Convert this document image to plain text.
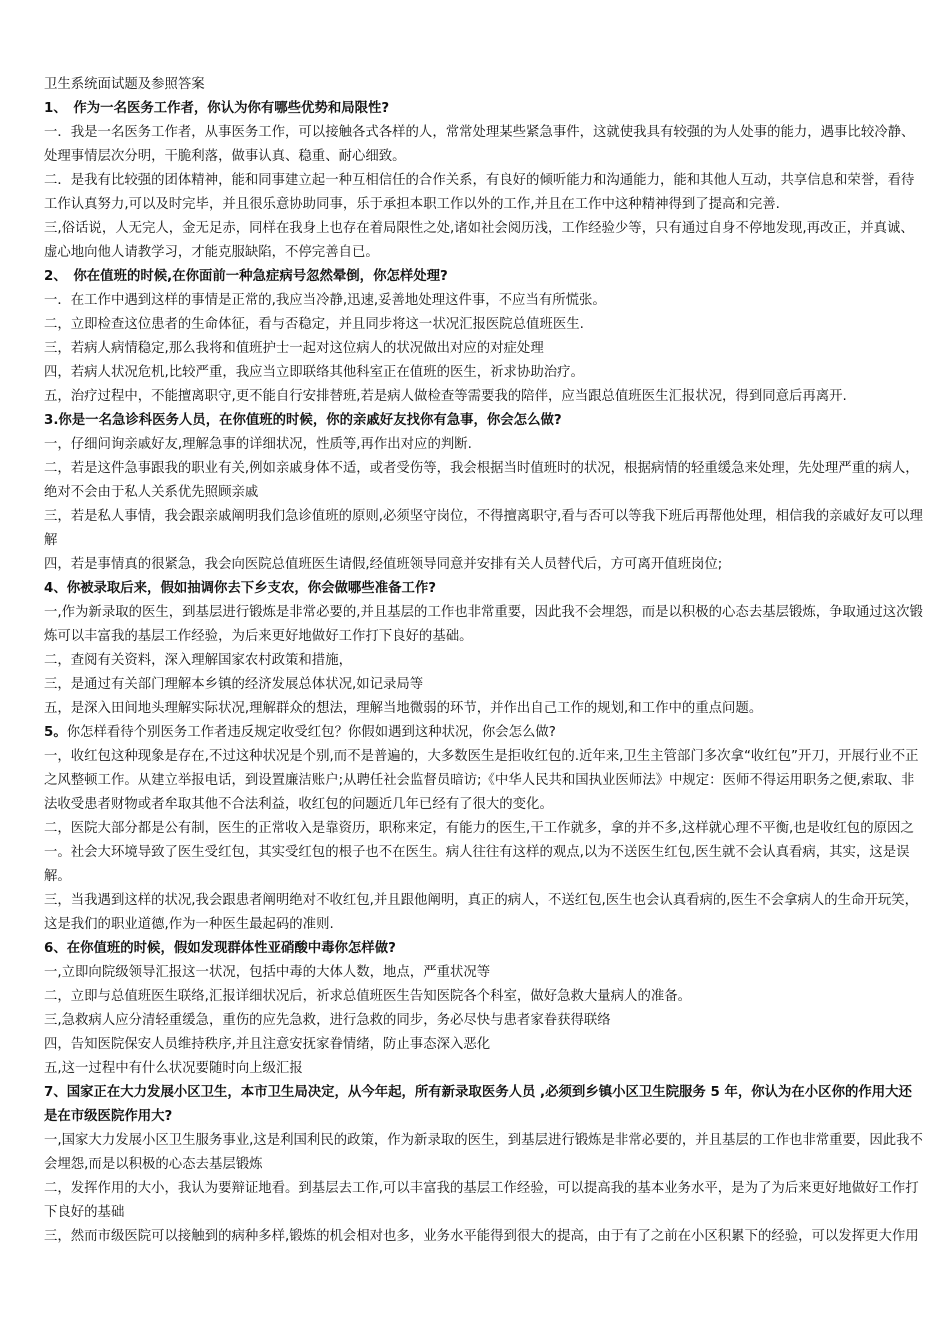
卫生系统面试题及参照答案

1、　作为一名医务工作者，你认为你有哪些优势和局限性?

一．我是一名医务工作者，从事医务工作，可以接触各式各样的人，常常处理某些紧急事件，这就使我具有较强的为人处事的能力，遇事比较冷静、处理事情层次分明，干脆利落，做事认真、稳重、耐心细致。

二．是我有比较强的团体精神，能和同事建立起一种互相信任的合作关系，有良好的倾听能力和沟通能力，能和其他人互动，共享信息和荣誉，看待工作认真努力,可以及时完毕，并且很乐意协助同事，乐于承担本职工作以外的工作,并且在工作中这种精神得到了提高和完善.

三,俗话说，人无完人，金无足赤，同样在我身上也存在着局限性之处,诸如社会阅历浅，工作经验少等，只有通过自身不停地发现,再改正，并真诚、虚心地向他人请教学习，才能克服缺陷，不停完善自已。

2、　你在值班的时候,在你面前一种急症病号忽然晕倒，你怎样处理?

一．在工作中遇到这样的事情是正常的,我应当冷静,迅速,妥善地处理这件事，不应当有所慌张。

二，立即检查这位患者的生命体征，看与否稳定，并且同步将这一状况汇报医院总值班医生.

三，若病人病情稳定,那么我将和值班护士一起对这位病人的状况做出对应的对症处理

四，若病人状况危机,比较严重，我应当立即联络其他科室正在值班的医生，祈求协助治疗。

五，治疗过程中，不能擅离职守,更不能自行安排替班,若是病人做检查等需要我的陪伴，应当跟总值班医生汇报状况，得到同意后再离开.

3.你是一名急诊科医务人员，在你值班的时候，你的亲戚好友找你有急事，你会怎么做?

一，仔细问询亲戚好友,理解急事的详细状况，性质等,再作出对应的判断.

二，若是这件急事跟我的职业有关,例如亲戚身体不适，或者受伤等，我会根据当时值班时的状况，根据病情的轻重缓急来处理，先处理严重的病人，绝对不会由于私人关系优先照顾亲戚

三，若是私人事情，我会跟亲戚阐明我们急诊值班的原则,必须坚守岗位，不得擅离职守,看与否可以等我下班后再帮他处理，相信我的亲戚好友可以理解

四，若是事情真的很紧急，我会向医院总值班医生请假,经值班领导同意并安排有关人员替代后，方可离开值班岗位;

4、你被录取后来，假如抽调你去下乡支农，你会做哪些准备工作?

一,作为新录取的医生，到基层进行锻炼是非常必要的,并且基层的工作也非常重要，因此我不会埋怨，而是以积极的心态去基层锻炼，争取通过这次锻炼可以丰富我的基层工作经验，为后来更好地做好工作打下良好的基础。

二，查阅有关资料，深入理解国家农村政策和措施，

三，是通过有关部门理解本乡镇的经济发展总体状况,如记录局等

五，是深入田间地头理解实际状况,理解群众的想法，理解当地微弱的环节，并作出自己工作的规划,和工作中的重点问题。

5。你怎样看待个别医务工作者违反规定收受红包？你假如遇到这种状况，你会怎么做?

一，收红包这种现象是存在,不过这种状况是个别,而不是普遍的，大多数医生是拒收红包的.近年来,卫生主管部门多次拿“收红包”开刀，开展行业不正之风整顿工作。从建立举报电话，到设置廉洁账户;从聘任社会监督员暗访;《中华人民共和国执业医师法》中规定：医师不得运用职务之便,索取、非法收受患者财物或者牟取其他不合法利益，收红包的问题近几年已经有了很大的变化。

二，医院大部分都是公有制，医生的正常收入是靠资历，职称来定，有能力的医生,干工作就多，拿的并不多,这样就心理不平衡,也是收红包的原因之一。社会大环境导致了医生受红包，其实受红包的根子也不在医生。病人往往有这样的观点,以为不送医生红包,医生就不会认真看病，其实，这是误解。

三，当我遇到这样的状况,我会跟患者阐明绝对不收红包,并且跟他阐明，真正的病人，不送红包,医生也会认真看病的,医生不会拿病人的生命开玩笑，这是我们的职业道德,作为一种医生最起码的准则.

6、在你值班的时候，假如发现群体性亚硝酸中毒你怎样做?

一,立即向院级领导汇报这一状况，包括中毒的大体人数，地点，严重状况等

二，立即与总值班医生联络,汇报详细状况后，祈求总值班医生告知医院各个科室，做好急救大量病人的准备。

三,急救病人应分清轻重缓急，重伤的应先急救，进行急救的同步，务必尽快与患者家眷获得联络

四，告知医院保安人员维持秩序,并且注意安抚家眷情绪，防止事态深入恶化

五,这一过程中有什么状况要随时向上级汇报

7、国家正在大力发展小区卫生，本市卫生局决定，从今年起，所有新录取医务人员 ,必须到乡镇小区卫生院服务 5 年，你认为在小区你的作用大还是在市级医院作用大?

一,国家大力发展小区卫生服务事业,这是利国利民的政策，作为新录取的医生，到基层进行锻炼是非常必要的，并且基层的工作也非常重要，因此我不会埋怨,而是以积极的心态去基层锻炼

二，发挥作用的大小，我认为要辩证地看。到基层去工作,可以丰富我的基层工作经验，可以提高我的基本业务水平，是为了为后来更好地做好工作打下良好的基础

三，然而市级医院可以接触到的病种多样,锻炼的机会相对也多，业务水平能得到很大的提高，由于有了之前在小区积累下的经验，可以发挥更大作用
